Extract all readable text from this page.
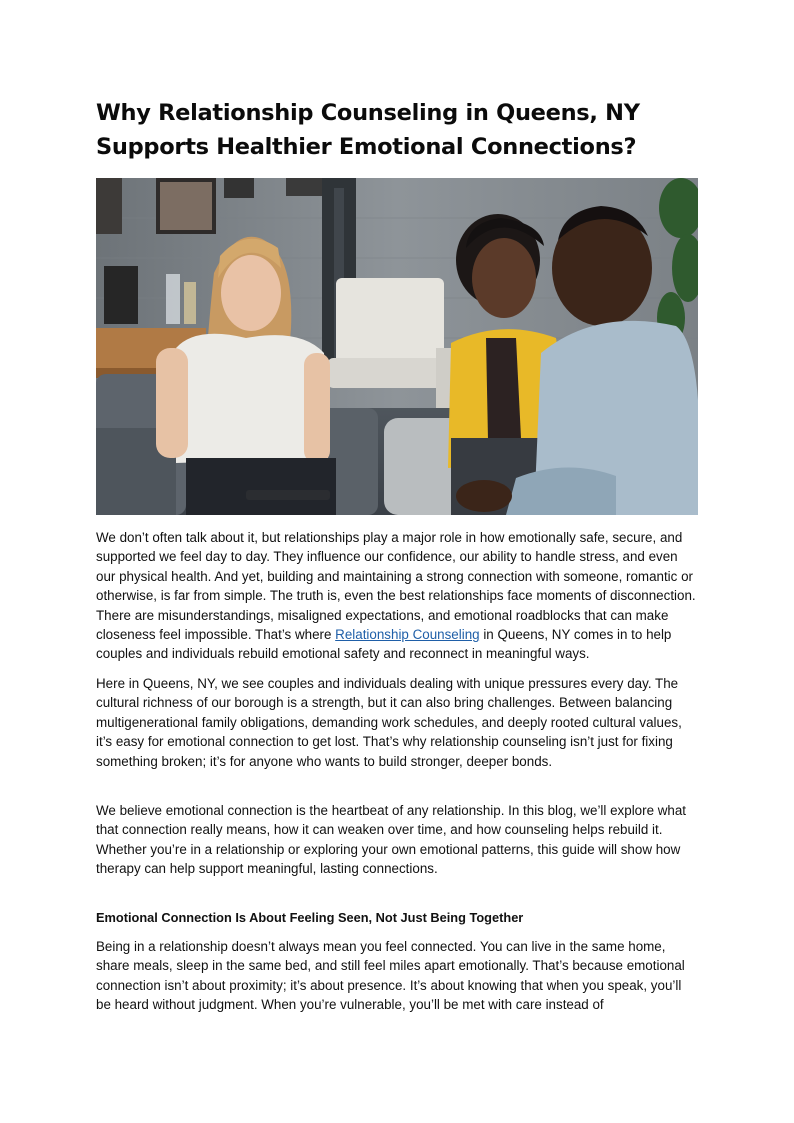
Why Relationship Counseling in Queens, NY Supports Healthier Emotional Connections?

We don’t often talk about it, but relationships play a major role in how emotionally safe, secure, and supported we feel day to day. They influence our confidence, our ability to handle stress, and even our physical health. And yet, building and maintaining a strong connection with someone, romantic or otherwise, is far from simple. The truth is, even the best relationships face moments of disconnection. There are misunderstandings, misaligned expectations, and emotional roadblocks that can make closeness feel impossible. That’s where Relationship Counseling in Queens, NY comes in to help couples and individuals rebuild emotional safety and reconnect in meaningful ways.

Here in Queens, NY, we see couples and individuals dealing with unique pressures every day. The cultural richness of our borough is a strength, but it can also bring challenges. Between balancing multigenerational family obligations, demanding work schedules, and deeply rooted cultural values, it’s easy for emotional connection to get lost. That’s why relationship counseling isn’t just for fixing something broken; it’s for anyone who wants to build stronger, deeper bonds.

We believe emotional connection is the heartbeat of any relationship. In this blog, we’ll explore what that connection really means, how it can weaken over time, and how counseling helps rebuild it. Whether you’re in a relationship or exploring your own emotional patterns, this guide will show how therapy can help support meaningful, lasting connections.

Emotional Connection Is About Feeling Seen, Not Just Being Together

Being in a relationship doesn’t always mean you feel connected. You can live in the same home, share meals, sleep in the same bed, and still feel miles apart emotionally. That’s because emotional connection isn’t about proximity; it’s about presence. It’s about knowing that when you speak, you’ll be heard without judgment. When you’re vulnerable, you’ll be met with care instead of
